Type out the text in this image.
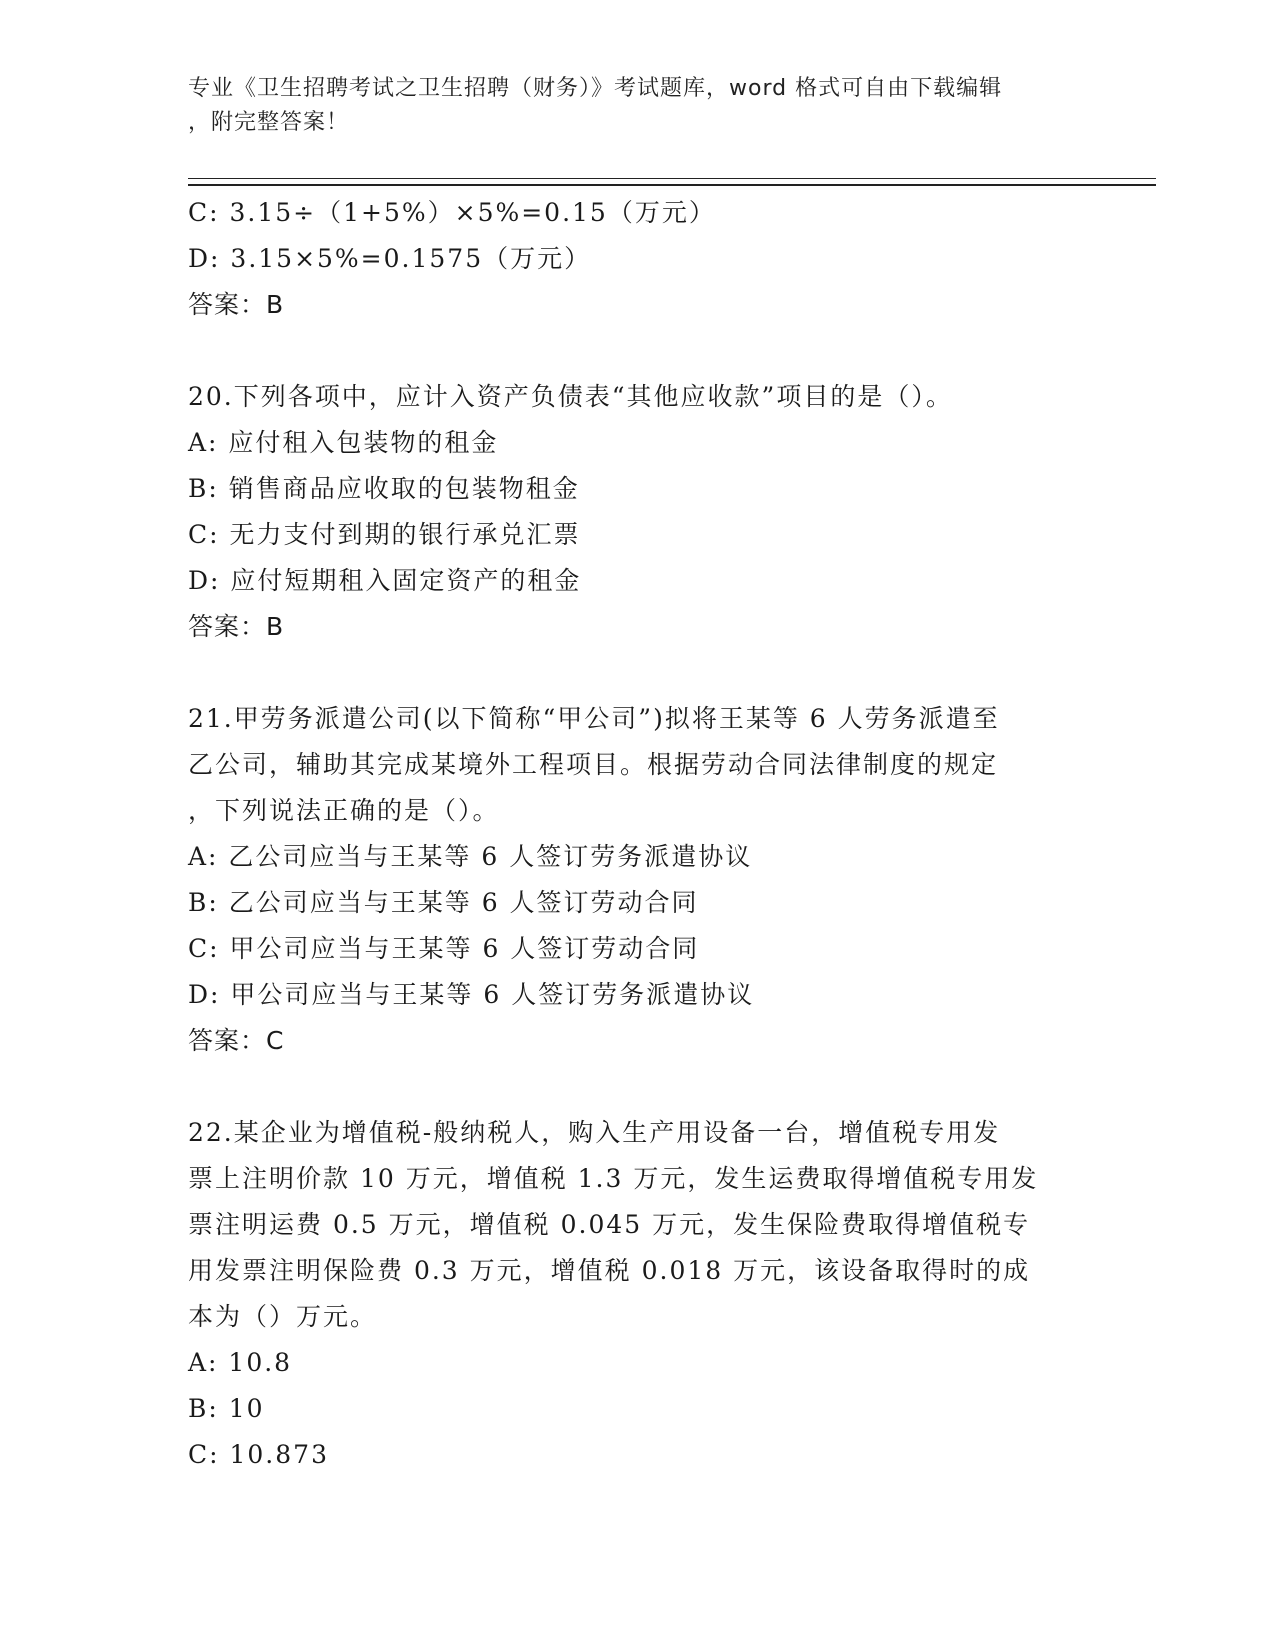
专业《卫生招聘考试之卫生招聘（财务）》考试题库，word 格式可自由下载编辑
，附完整答案！
C: 3.15÷（1+5%）×5%=0.15（万元）
D: 3.15×5%=0.1575（万元）
答案：B
20.下列各项中，应计入资产负债表“其他应收款”项目的是（）。
A: 应付租入包装物的租金
B: 销售商品应收取的包装物租金
C: 无力支付到期的银行承兑汇票
D: 应付短期租入固定资产的租金
答案：B
21.甲劳务派遣公司(以下简称“甲公司”)拟将王某等 6 人劳务派遣至
乙公司，辅助其完成某境外工程项目。根据劳动合同法律制度的规定
，下列说法正确的是（）。
A: 乙公司应当与王某等 6 人签订劳务派遣协议
B: 乙公司应当与王某等 6 人签订劳动合同
C: 甲公司应当与王某等 6 人签订劳动合同
D: 甲公司应当与王某等 6 人签订劳务派遣协议
答案：C
22.某企业为增值税-般纳税人，购入生产用设备一台，增值税专用发
票上注明价款 10 万元，增值税 1.3 万元，发生运费取得增值税专用发
票注明运费 0.5 万元，增值税 0.045 万元，发生保险费取得增值税专
用发票注明保险费 0.3 万元，增值税 0.018 万元，该设备取得时的成
本为（）万元。
A: 10.8
B: 10
C: 10.873
